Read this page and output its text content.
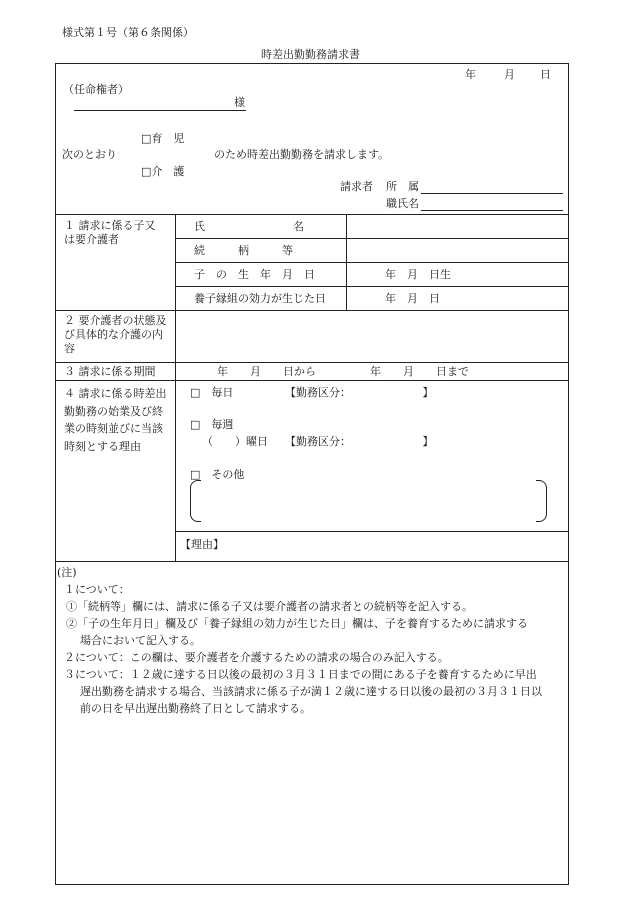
様式第１号（第６条関係）
時差出勤勤務請求書
年	月 日
（任命権者）
様
□育　児
次のとおり	のため時差出勤勤務を請求します。
□介　護
請求者 所　属
職氏名
１ 請求に係る子又は要介護者
氏　　　　　　　　名
続　　　柄　　　等
子　の　生　年　月　日	年　月　日生
養子縁組の効力が生じた日	年　月　日
２ 要介護者の状態及び具体的な介護の内容
３ 請求に係る期間	年　　月　　日から	年　　月　　日まで
４ 請求に係る時差出勤勤務の始業及び終業の時刻並びに当該時刻とする理由
□　毎日	【勤務区分：　　　　　　　】
□　毎週
（　　）曜日 【勤務区分：　　　　　　　】
□　その他
【理由】
(注)
１について：
①「続柄等」欄には、請求に係る子又は要介護者の請求者との続柄等を記入する。
②「子の生年月日」欄及び「養子縁組の効力が生じた日」欄は、子を養育するために請求する
場合において記入する。
２について：この欄は、要介護者を介護するための請求の場合のみ記入する。
３について：１２歳に達する日以後の最初の３月３１日までの間にある子を養育するために早出
遅出勤務を請求する場合、当該請求に係る子が満１２歳に達する日以後の最初の３月３１日以
前の日を早出遅出勤務終了日として請求する。
